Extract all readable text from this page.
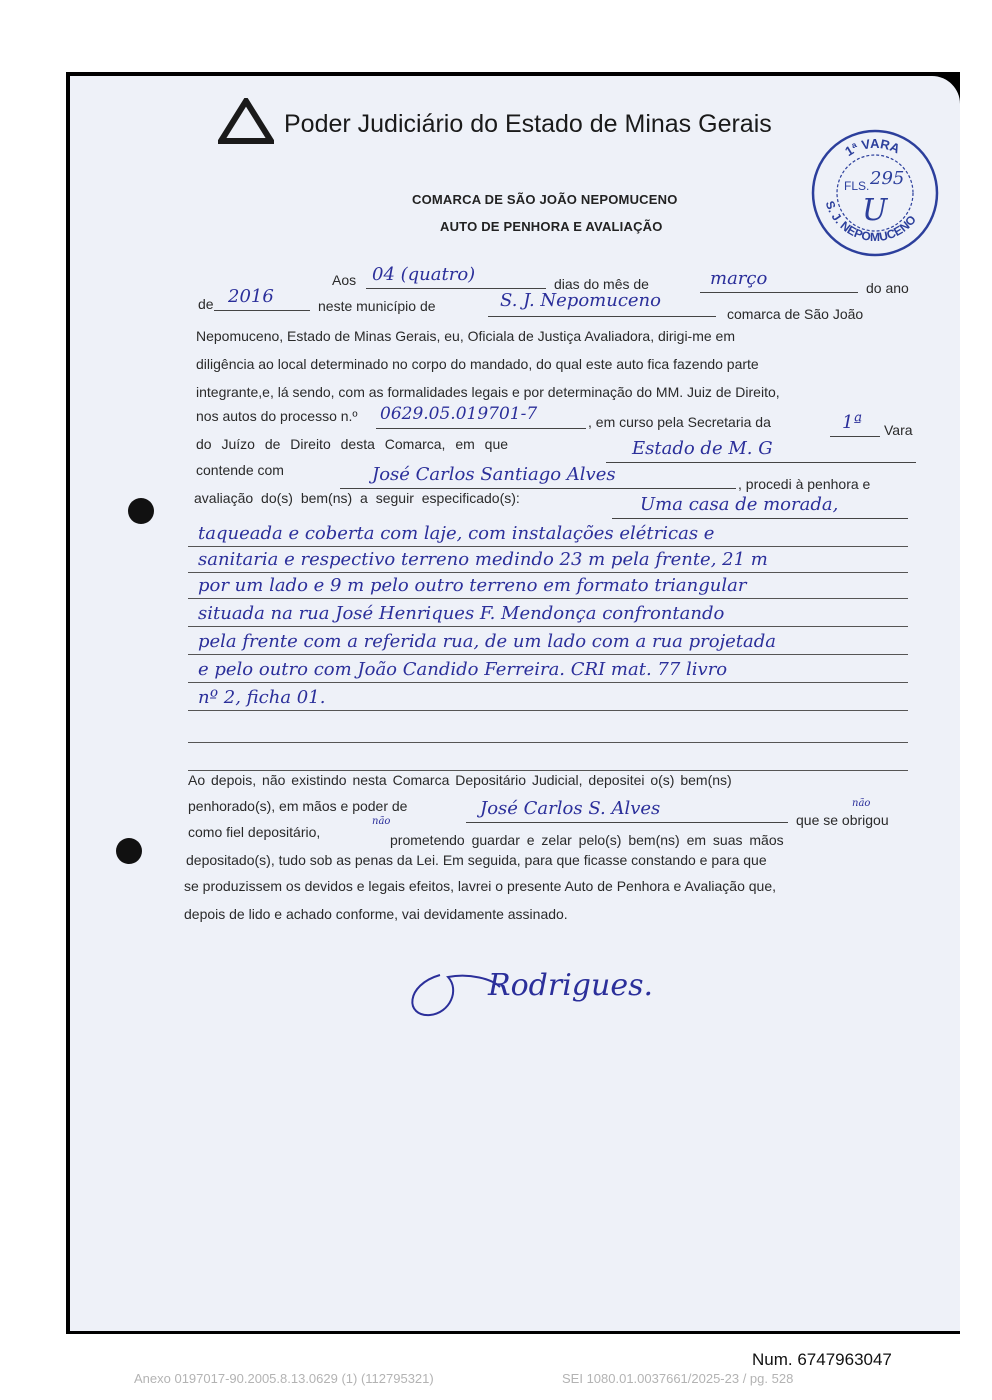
Poder Judiciário do Estado de Minas Gerais
COMARCA DE SÃO JOÃO NEPOMUCENO
AUTO DE PENHORA E AVALIAÇÃO
1ª VARA
S. J. NEPOMUCENO
FLS. 295
U
Aos 04 (quatro)	dias do mês de	março	do ano
de 2016	neste município de	S. J. Nepomuceno
comarca de São João
Nepomuceno, Estado de Minas Gerais, eu, Oficiala de Justiça Avaliadora, dirigi-me em
diligência ao local determinado no corpo do mandado, do qual este auto fica fazendo parte
integrante,e, lá sendo, com as formalidades legais e por determinação do MM. Juiz de Direito,
nos autos do processo n.º 0629.05.019701-7	, em curso pela Secretaria da	1ª Vara
do Juízo de Direito desta Comarca, em que	Estado de M. G
contende com	José Carlos Santiago Alves	, procedi à penhora e
avaliação do(s) bem(ns) a seguir especificado(s):	Uma casa de morada,
taqueada e coberta com laje, com instalações elétricas e
sanitaria e respectivo terreno medindo 23 m pela frente, 21 m
por um lado e 9 m pelo outro terreno em formato triangular
situada na rua José Henriques F. Mendonça confrontando
pela frente com a referida rua, de um lado com a rua projetada
e pelo outro com João Candido Ferreira. CRI mat. 77 livro
nº 2, ficha 01.
Ao depois, não existindo nesta Comarca Depositário Judicial, depositei o(s) bem(ns)
penhorado(s), em mãos e poder de	José Carlos S. Alves
que se obrigou
não
como fiel depositário,
não
prometendo guardar e zelar pelo(s) bem(ns) em suas mãos
depositado(s), tudo sob as penas da Lei. Em seguida, para que ficasse constando e para que
se produzissem os devidos e legais efeitos, lavrei o presente Auto de Penhora e Avaliação que,
depois de lido e achado conforme, vai devidamente assinado.
Rodrigues.
Num. 6747963047
Anexo 0197017-90.2005.8.13.0629 (1) (112795321)	SEI 1080.01.0037661/2025-23 / pg. 528
